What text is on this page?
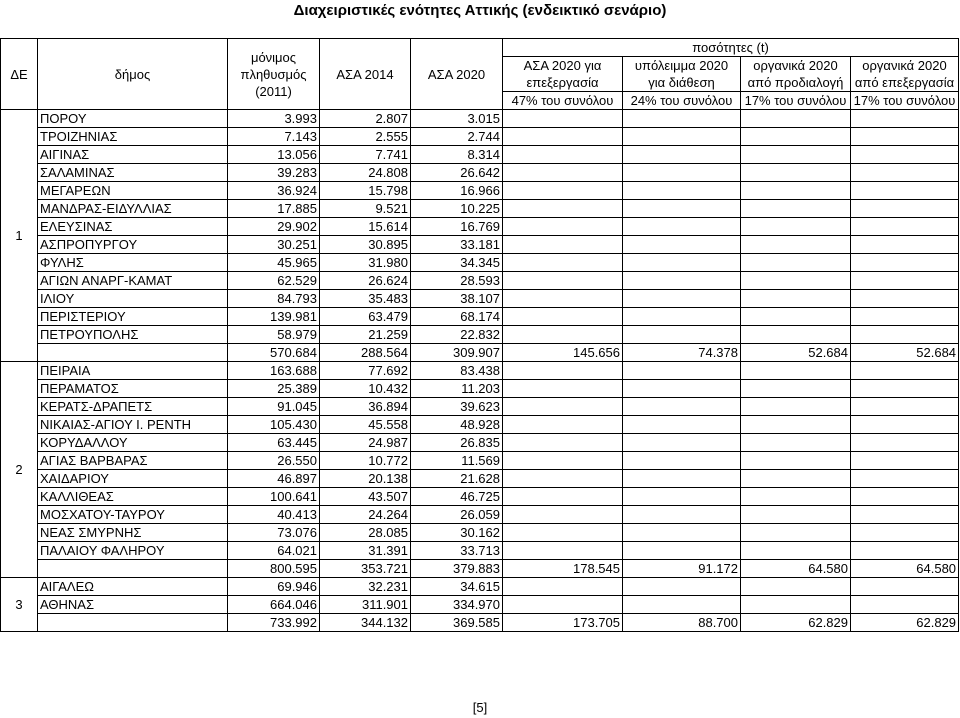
Διαχειριστικές ενότητες Αττικής (ενδεικτικό σενάριο)
ΔΕ	δήμος	μόνιμος πληθυσμός (2011)	ΑΣΑ 2014	ΑΣΑ 2020	ποσότητες (t)			
					ΑΣΑ 2020 για επεξεργασία	υπόλειμμα 2020 για διάθεση	οργανικά 2020 από προδιαλογή	οργανικά 2020 από επεξεργασία

					47% του συνόλου	24% του συνόλου	17% του συνόλου	17% του συνόλου
1	ΠΟΡΟΥ	3.993	2.807	3.015				
	ΤΡΟΙΖΗΝΙΑΣ	7.143	2.555	2.744				
	ΑΙΓΙΝΑΣ	13.056	7.741	8.314				
	ΣΑΛΑΜΙΝΑΣ	39.283	24.808	26.642				
	ΜΕΓΑΡΕΩΝ	36.924	15.798	16.966				
	ΜΑΝΔΡΑΣ-ΕΙΔΥΛΛΙΑΣ	17.885	9.521	10.225				
	ΕΛΕΥΣΙΝΑΣ	29.902	15.614	16.769				
	ΑΣΠΡΟΠΥΡΓΟΥ	30.251	30.895	33.181				
	ΦΥΛΗΣ	45.965	31.980	34.345				
	ΑΓΙΩΝ ΑΝΑΡΓ-ΚΑΜΑΤ	62.529	26.624	28.593				
	ΙΛΙΟΥ	84.793	35.483	38.107				
	ΠΕΡΙΣΤΕΡΙΟΥ	139.981	63.479	68.174				
	ΠΕΤΡΟΥΠΟΛΗΣ	58.979	21.259	22.832				
		570.684	288.564	309.907	145.656	74.378	52.684	52.684
2	ΠΕΙΡΑΙΑ	163.688	77.692	83.438				
	ΠΕΡΑΜΑΤΟΣ	25.389	10.432	11.203				
	ΚΕΡΑΤΣ-ΔΡΑΠΕΤΣ	91.045	36.894	39.623				
	ΝΙΚΑΙΑΣ-ΑΓΙΟΥ Ι. ΡΕΝΤΗ	105.430	45.558	48.928				
	ΚΟΡΥΔΑΛΛΟΥ	63.445	24.987	26.835				
	ΑΓΙΑΣ ΒΑΡΒΑΡΑΣ	26.550	10.772	11.569				
	ΧΑΙΔΑΡΙΟΥ	46.897	20.138	21.628				
	ΚΑΛΛΙΘΕΑΣ	100.641	43.507	46.725				
	ΜΟΣΧΑΤΟΥ-ΤΑΥΡΟΥ	40.413	24.264	26.059				
	ΝΕΑΣ ΣΜΥΡΝΗΣ	73.076	28.085	30.162				
	ΠΑΛΑΙΟΥ ΦΑΛΗΡΟΥ	64.021	31.391	33.713				
		800.595	353.721	379.883	178.545	91.172	64.580	64.580
3	ΑΙΓΑΛΕΩ	69.946	32.231	34.615				
	ΑΘΗΝΑΣ	664.046	311.901	334.970				
		733.992	344.132	369.585	173.705	88.700	62.829	62.829
[5]
